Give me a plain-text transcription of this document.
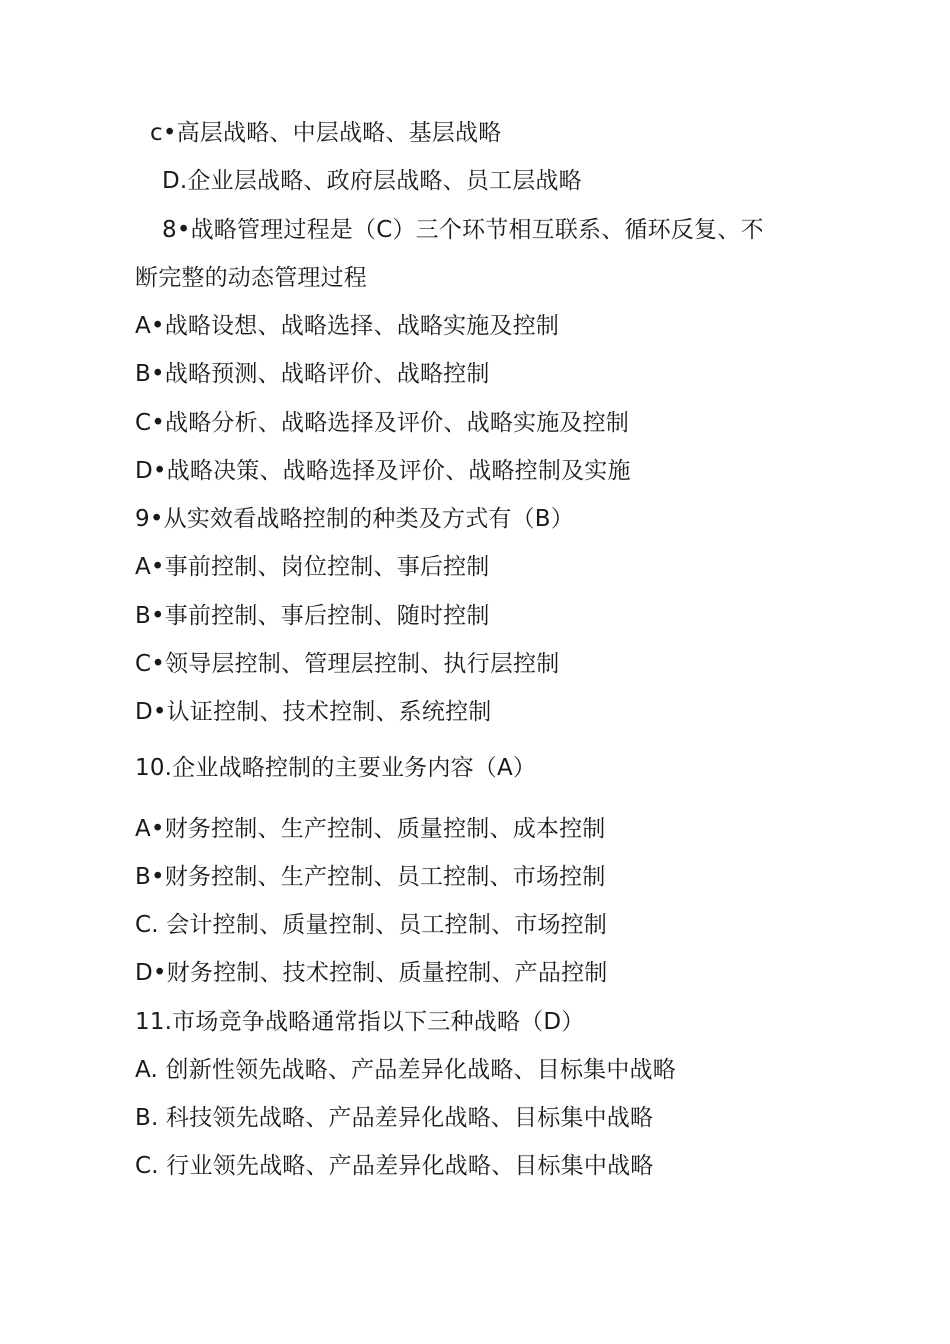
c•高层战略、中层战略、基层战略
D.企业层战略、政府层战略、员工层战略
8•战略管理过程是（C）三个环节相互联系、循环反复、不
断完整的动态管理过程
A•战略设想、战略选择、战略实施及控制
B•战略预测、战略评价、战略控制
C•战略分析、战略选择及评价、战略实施及控制
D•战略决策、战略选择及评价、战略控制及实施
9•从实效看战略控制的种类及方式有（B）
A•事前控制、岗位控制、事后控制
B•事前控制、事后控制、随时控制
C•领导层控制、管理层控制、执行层控制
D•认证控制、技术控制、系统控制
10.企业战略控制的主要业务内容（A）
A•财务控制、生产控制、质量控制、成本控制
B•财务控制、生产控制、员工控制、市场控制
C. 会计控制、质量控制、员工控制、市场控制
D•财务控制、技术控制、质量控制、产品控制
11.市场竞争战略通常指以下三种战略（D）
A. 创新性领先战略、产品差异化战略、目标集中战略
B. 科技领先战略、产品差异化战略、目标集中战略
C. 行业领先战略、产品差异化战略、目标集中战略
